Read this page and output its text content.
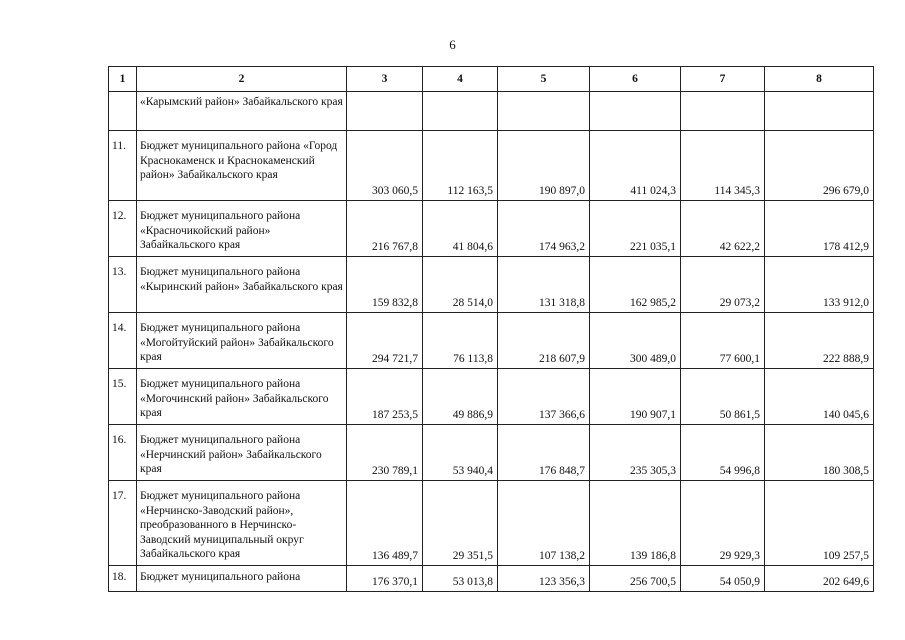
6
1	2	3	4	5	6	7	8
	«Карымский район» Забайкальского края						
11.	Бюджет муниципального района «Город Краснокаменск и Краснокаменский район» Забайкальского края	303 060,5	112 163,5	190 897,0	411 024,3	114 345,3	296 679,0
12.	Бюджет муниципального района «Красночикойский район» Забайкальского края	216 767,8	41 804,6	174 963,2	221 035,1	42 622,2	178 412,9
13.	Бюджет муниципального района «Кыринский район» Забайкальского края	159 832,8	28 514,0	131 318,8	162 985,2	29 073,2	133 912,0
14.	Бюджет муниципального района «Могойтуйский район» Забайкальского края	294 721,7	76 113,8	218 607,9	300 489,0	77 600,1	222 888,9
15.	Бюджет муниципального района «Могочинский район» Забайкальского края	187 253,5	49 886,9	137 366,6	190 907,1	50 861,5	140 045,6
16.	Бюджет муниципального района «Нерчинский район» Забайкальского края	230 789,1	53 940,4	176 848,7	235 305,3	54 996,8	180 308,5
17.	Бюджет муниципального района «Нерчинско-Заводский район», преобразованного в Нерчинско-Заводский муниципальный округ Забайкальского края	136 489,7	29 351,5	107 138,2	139 186,8	29 929,3	109 257,5
18.	Бюджет муниципального района	176 370,1	53 013,8	123 356,3	256 700,5	54 050,9	202 649,6
